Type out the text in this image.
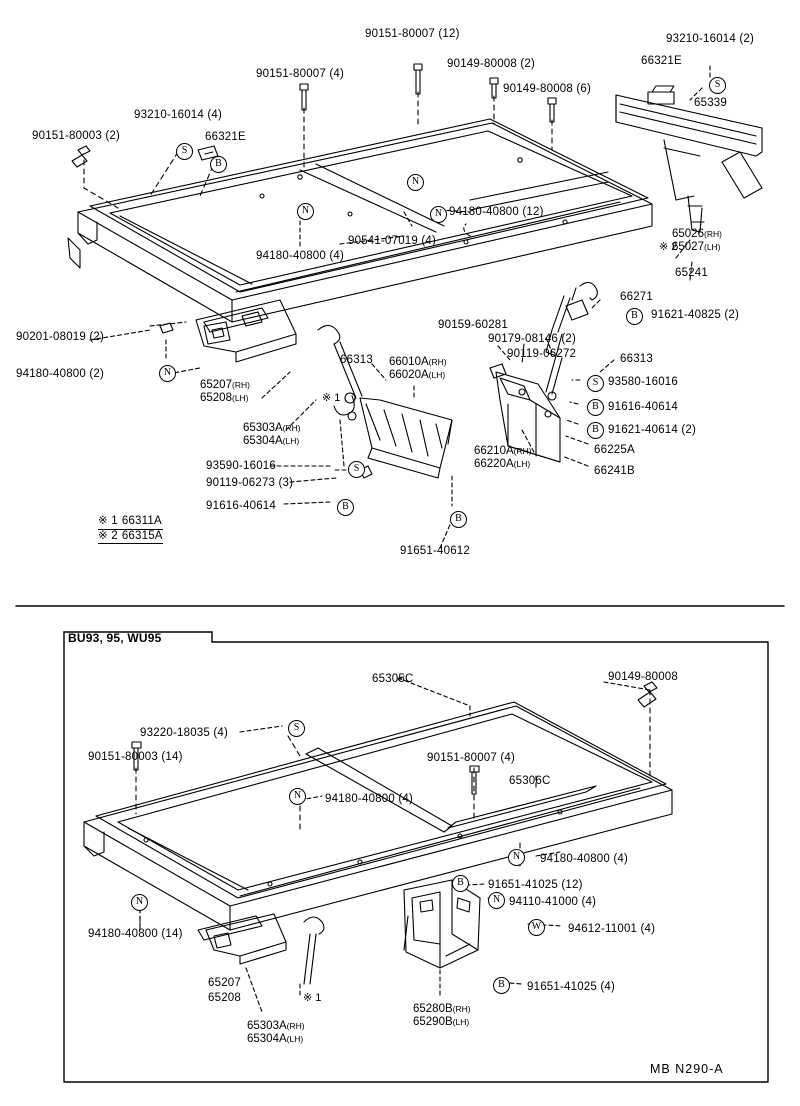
90151-80007 (12)	93210-16014 (2)
66321E
90151-80007 (4)
90149-80008 (2)
90149-80008 (6)
65339
93210-16014 (4)
66321E
90151-80003 (2)
94180-40800 (12)
90541-07019 (4)
94180-40800 (4)
65241
66271
91621-40825 (2)
90201-08019 (2)
90159-60281
90179-08146 (2)
90119-06272	66313
66313
94180-40800 (2)
93580-16016
91616-40614
91621-40614 (2)
66225A
66241B
93590-16016
90119-06273 (3)
91616-40614
91651-40612
65026(RH)
65027(LH)
65207(RH)
65208(LH)
65303A(RH)
65304A(LH)
66010A(RH)
66020A(LH)
66210A(RH)
66220A(LH)
S
B
S
N
N
N
N
S
B
B
B
S
B
B
※ 2
※ 1
※ 1 66311A
※ 2 66315A
BU93, 95, WU95
65305C	90149-80008
93220-18035 (4)
90151-80003 (14)	90151-80007 (4)
65306C
94180-40800 (4)
94180-40800 (4)
91651-41025 (12)
94110-41000 (4)
94612-11001 (4)
94180-40800 (14)
91651-41025 (4)
65207
65208
65303A(RH)
65304A(LH)
65280B(RH)
65290B(LH)
S
N
N
B
N
W
B
N
※ 1
MB N290-A
